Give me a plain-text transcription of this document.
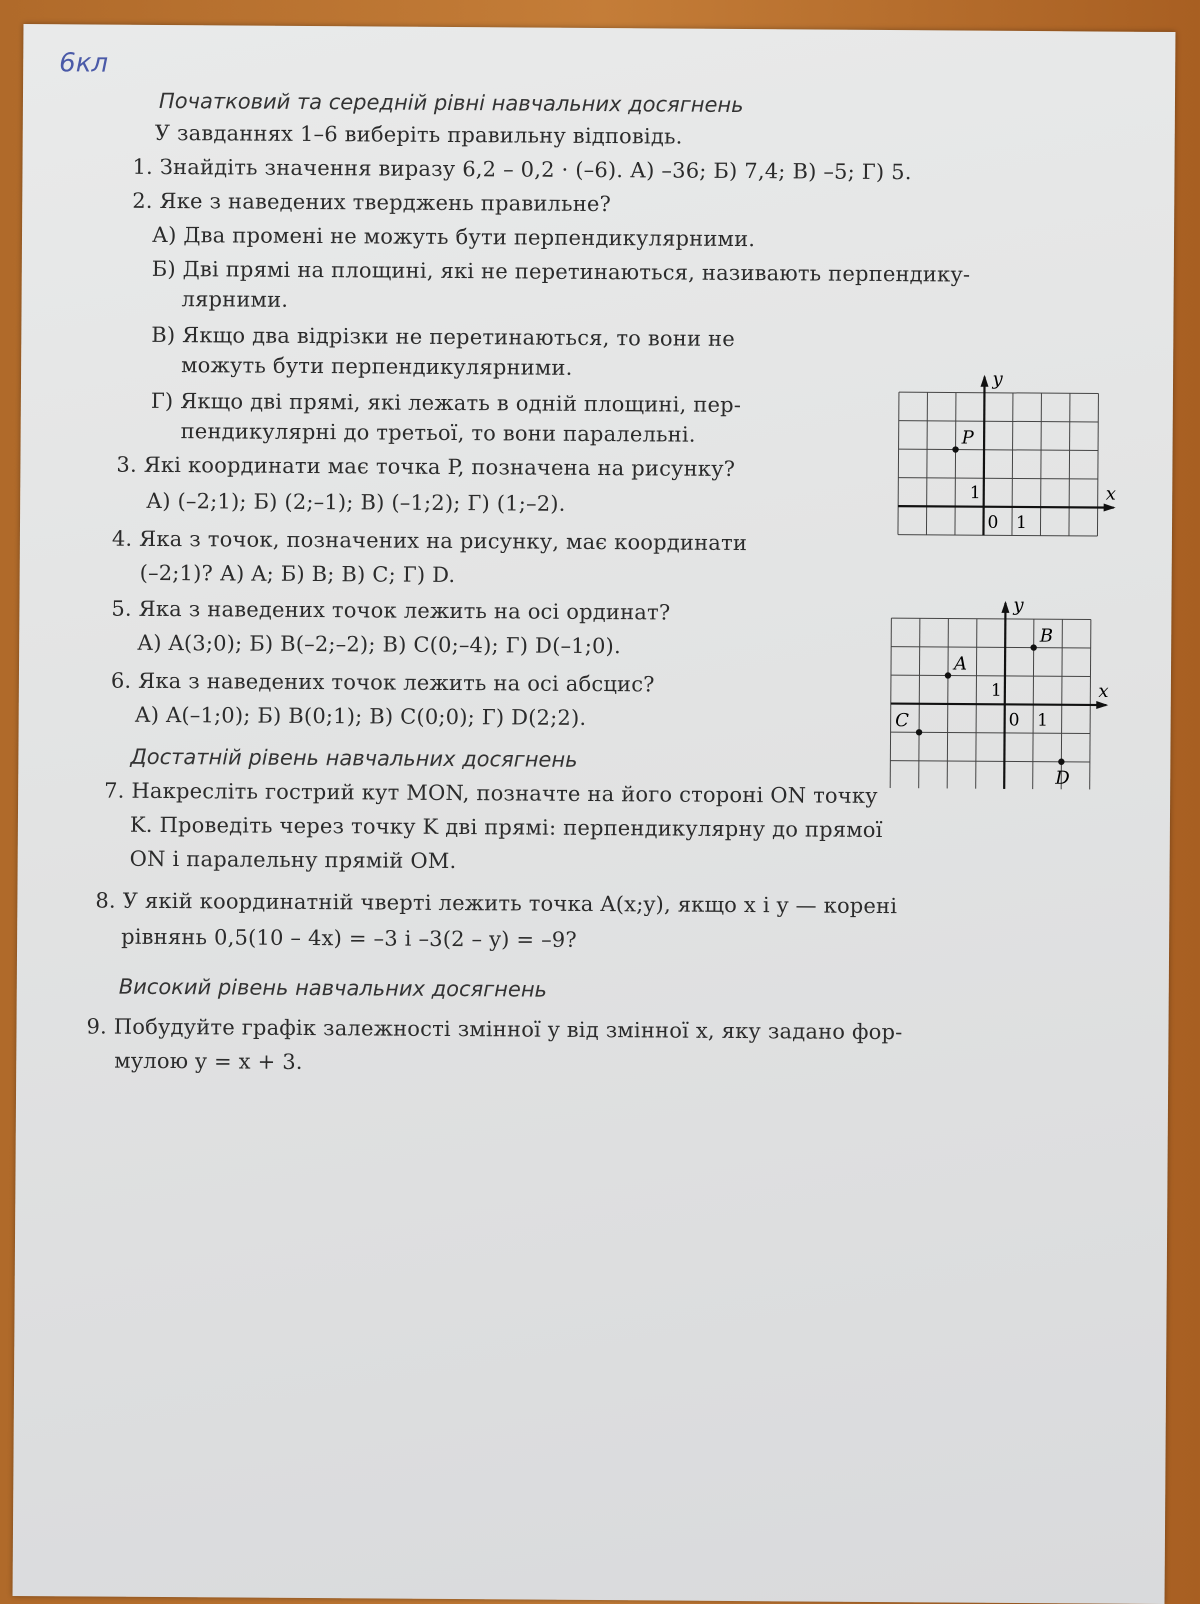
6кл
Початковий та середній рівні навчальних досягнень
У завданнях 1–6 виберіть правильну відповідь.
1. Знайдіть значення виразу 6,2 – 0,2 · (–6). А) –36; Б) 7,4; В) –5; Г) 5.
2. Яке з наведених тверджень правильне?
А) Два промені не можуть бути перпендикулярними.
Б) Дві прямі на площині, які не перетинаються, називають перпендику-
лярними.
В) Якщо два відрізки не перетинаються, то вони не
можуть бути перпендикулярними.
Г) Якщо дві прямі, які лежать в одній площині, пер-
пендикулярні до третьої, то вони паралельні.
3. Які координати має точка P, позначена на рисунку?
А) (–2;1); Б) (2;–1); В) (–1;2); Г) (1;–2).
4. Яка з точок, позначених на рисунку, має координати
(–2;1)? А) A; Б) B; В) C; Г) D.
5. Яка з наведених точок лежить на осі ординат?
А) A(3;0); Б) B(–2;–2); В) C(0;–4); Г) D(–1;0).
6. Яка з наведених точок лежить на осі абсцис?
А) A(–1;0); Б) B(0;1); В) C(0;0); Г) D(2;2).
Достатній рівень навчальних досягнень
7. Накресліть гострий кут MON, позначте на його стороні ON точку
K. Проведіть через точку K дві прямі: перпендикулярну до прямої
ON і паралельну прямій OM.
8. У якій координатній чверті лежить точка A(x;y), якщо x і y — корені
рівнянь 0,5(10 – 4x) = –3 і –3(2 – y) = –9?
Високий рівень навчальних досягнень
9. Побудуйте графік залежності змінної y від змінної x, яку задано фор-
мулою y = x + 3.
x
y
0 1
1
P
x
y
0 1
1
A
B
C
D
